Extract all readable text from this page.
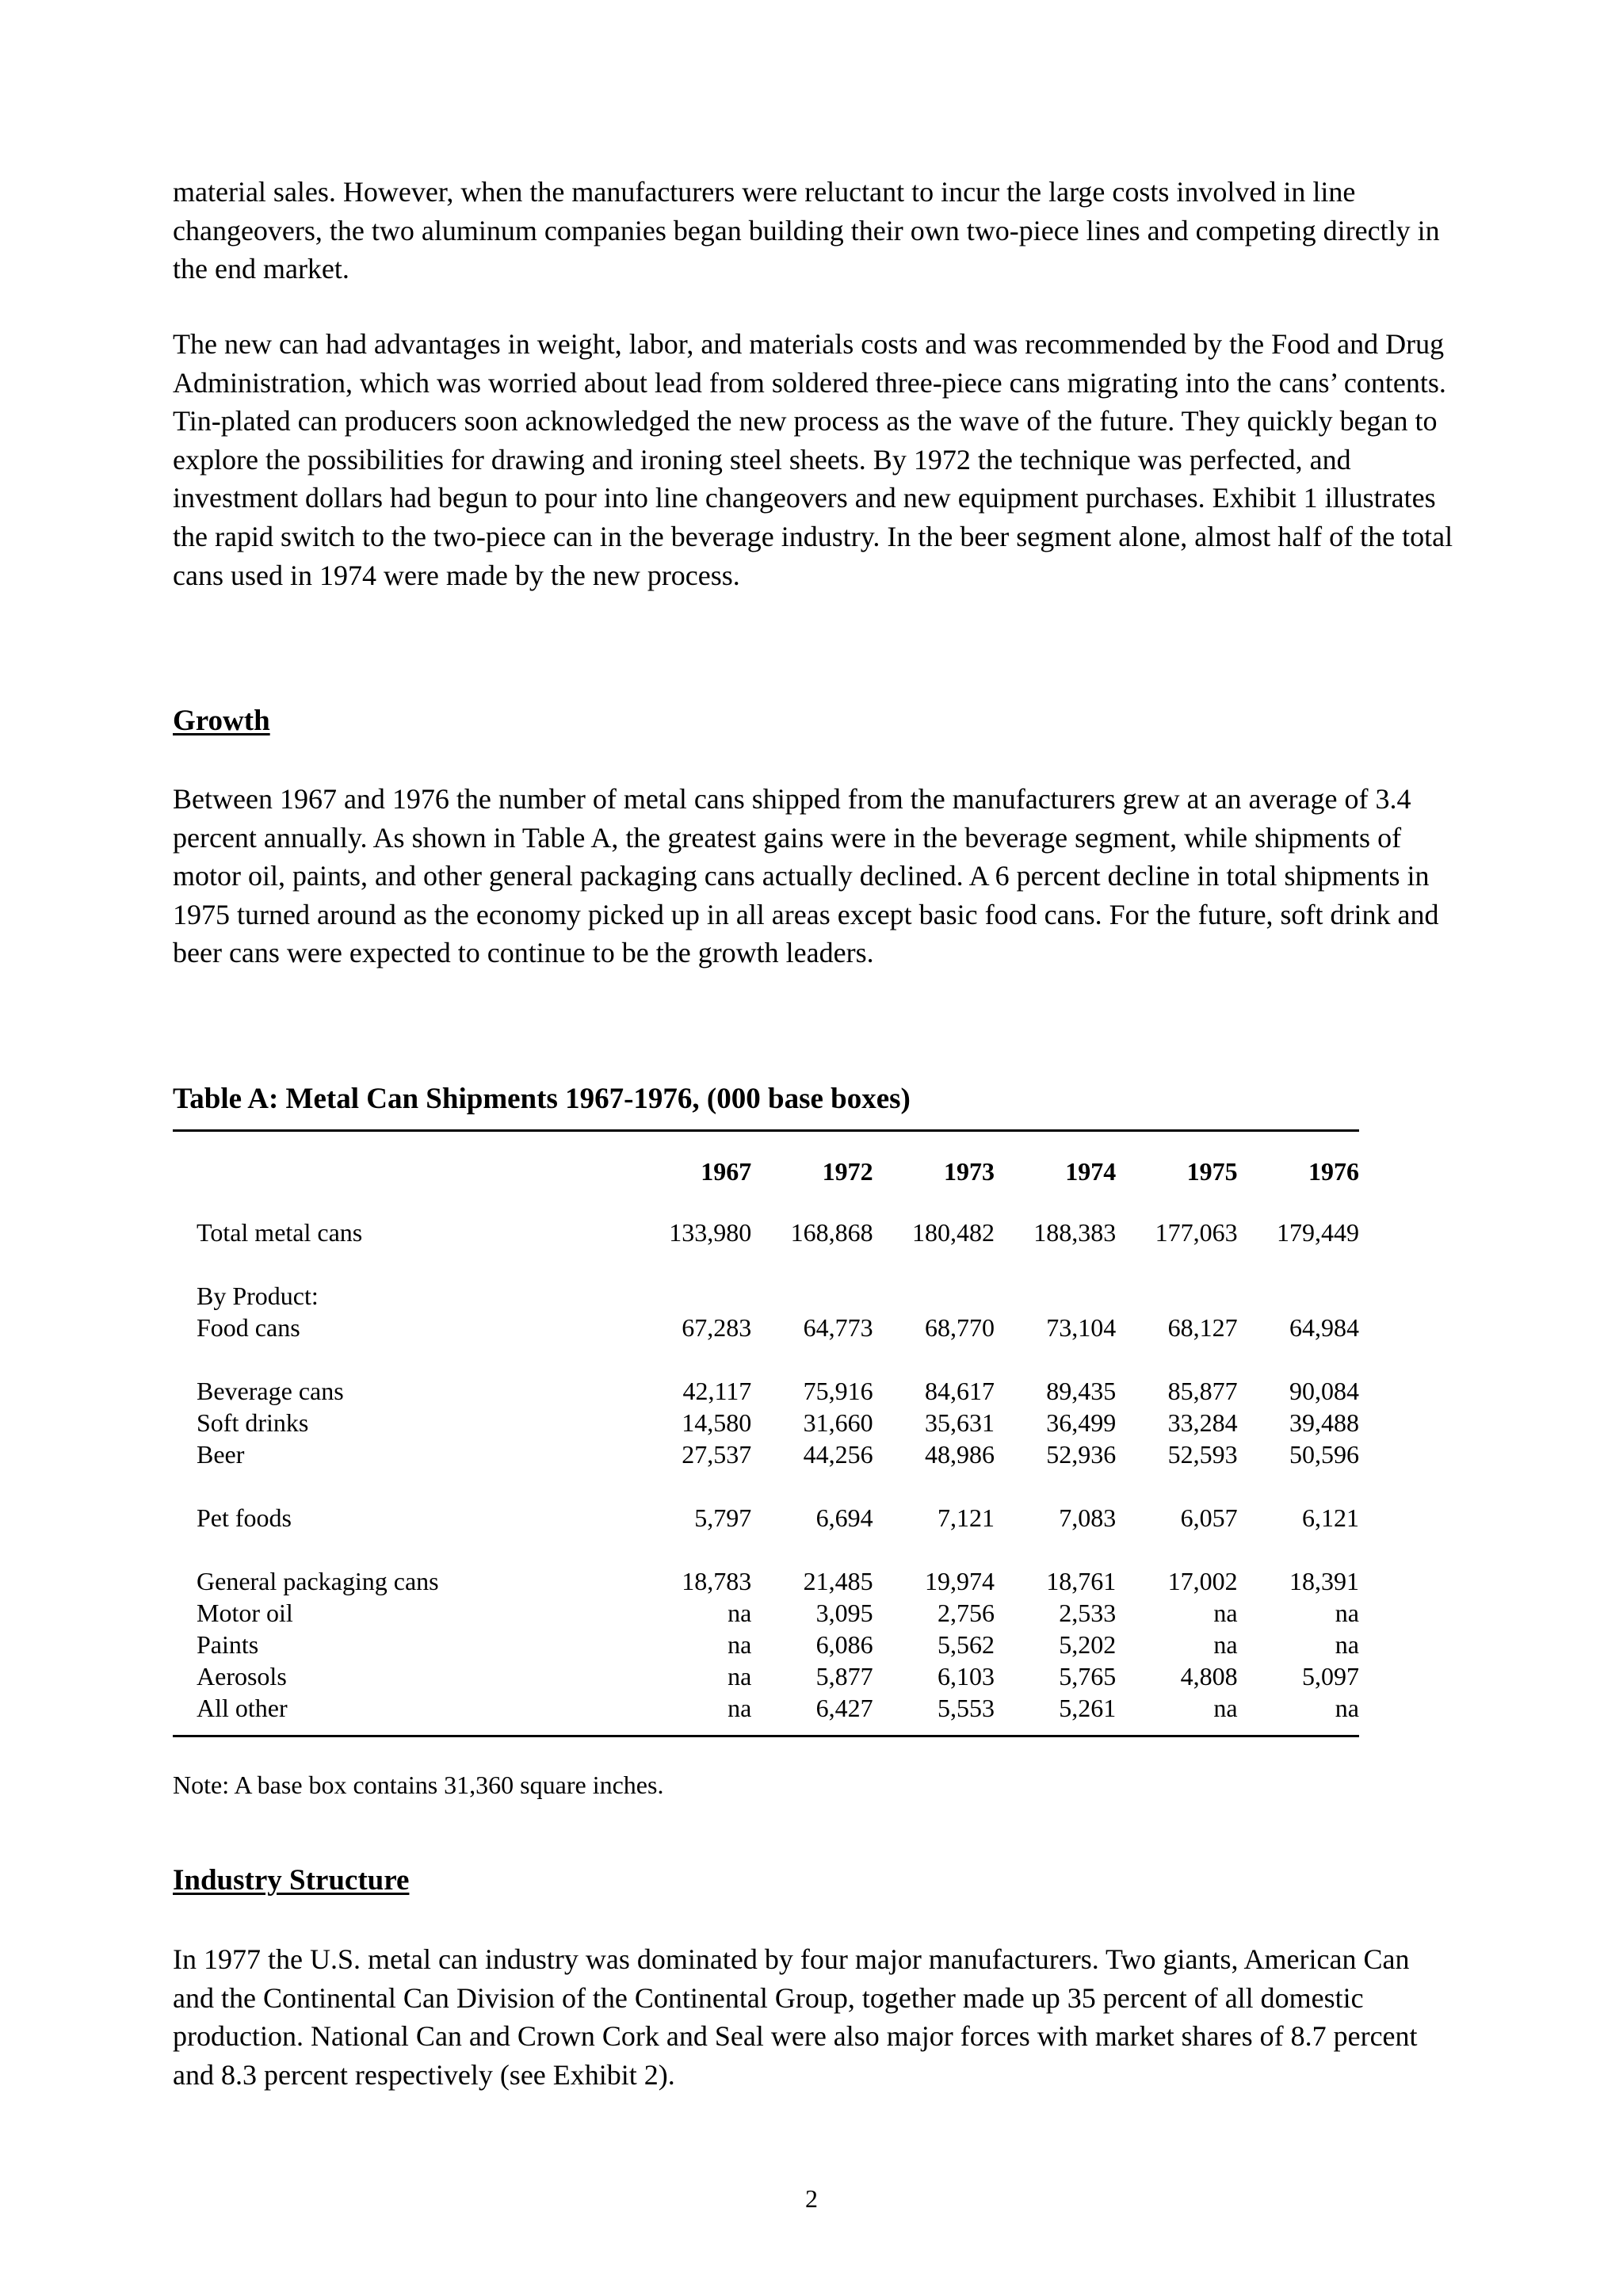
material sales. However, when the manufacturers were reluctant to incur the large costs involved in line changeovers, the two aluminum companies began building their own two-piece lines and competing directly in the end market.

The new can had advantages in weight, labor, and materials costs and was recommended by the Food and Drug Administration, which was worried about lead from soldered three-piece cans migrating into the cans’ contents. Tin-plated can producers soon acknowledged the new process as the wave of the future. They quickly began to explore the possibilities for drawing and ironing steel sheets. By 1972 the technique was perfected, and investment dollars had begun to pour into line changeovers and new equipment purchases. Exhibit 1 illustrates the rapid switch to the two-piece can in the beverage industry. In the beer segment alone, almost half of the total cans used in 1974 were made by the new process.

Growth

Between 1967 and 1976 the number of metal cans shipped from the manufacturers grew at an average of 3.4 percent annually. As shown in Table A, the greatest gains were in the beverage segment, while shipments of motor oil, paints, and other general packaging cans actually declined. A 6 percent decline in total shipments in 1975 turned around as the economy picked up in all areas except basic food cans. For the future, soft drink and beer cans were expected to continue to be the growth leaders.

Table A: Metal Can Shipments 1967-1976, (000 base boxes)

	1967	1972	1973	1974	1975	1976
Total metal cans	133,980	168,868	180,482	188,383	177,063	179,449

By Product:						
Food cans	67,283	64,773	68,770	73,104	68,127	64,984

Beverage cans	42,117	75,916	84,617	89,435	85,877	90,084
Soft drinks	14,580	31,660	35,631	36,499	33,284	39,488
Beer	27,537	44,256	48,986	52,936	52,593	50,596

Pet foods	5,797	6,694	7,121	7,083	6,057	6,121

General packaging cans	18,783	21,485	19,974	18,761	17,002	18,391
Motor oil	na	3,095	2,756	2,533	na	na
Paints	na	6,086	5,562	5,202	na	na
Aerosols	na	5,877	6,103	5,765	4,808	5,097
All other	na	6,427	5,553	5,261	na	na

Note: A base box contains 31,360 square inches.

Industry Structure

In 1977 the U.S. metal can industry was dominated by four major manufacturers. Two giants, American Can and the Continental Can Division of the Continental Group, together made up 35 percent of all domestic production. National Can and Crown Cork and Seal were also major forces with market shares of 8.7 percent and 8.3 percent respectively (see Exhibit 2).

2
